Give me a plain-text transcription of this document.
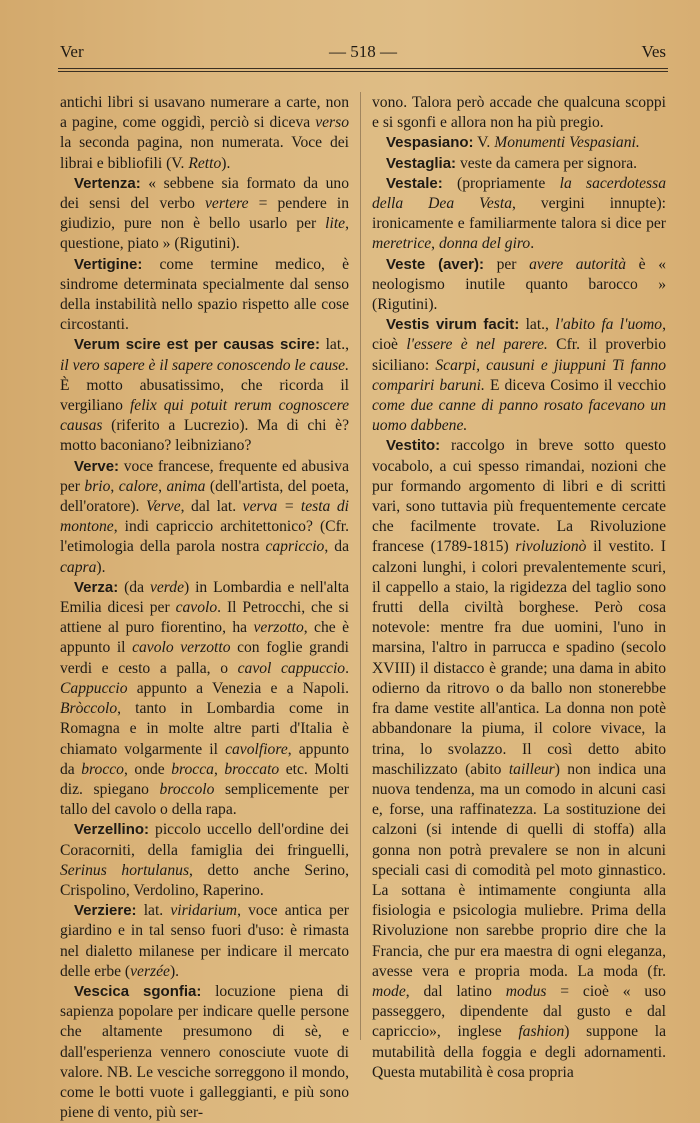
Ver	— 518 —	Ves

antichi libri si usavano numerare a carte, non a pagine, come oggidì, perciò si diceva verso la seconda pagina, non numerata. Voce dei librai e bibliofili (V. Retto).

Vertenza: « sebbene sia formato da uno dei sensi del verbo vertere = pendere in giudizio, pure non è bello usarlo per lite, questione, piato » (Rigutini).

Vertigine: come termine medico, è sindrome determinata specialmente dal senso della instabilità nello spazio rispetto alle cose circostanti.

Verum scire est per causas scire: lat., il vero sapere è il sapere conoscendo le cause. È motto abusatissimo, che ricorda il vergiliano felix qui potuit rerum cognoscere causas (riferito a Lucrezio). Ma di chi è? motto baconiano? leibniziano?

Verve: voce francese, frequente ed abusiva per brio, calore, anima (dell'artista, del poeta, dell'oratore). Verve, dal lat. verva = testa di montone, indi capriccio architettonico? (Cfr. l'etimologia della parola nostra capriccio, da capra).

Verza: (da verde) in Lombardia e nell'alta Emilia dicesi per cavolo. Il Petrocchi, che si attiene al puro fiorentino, ha verzotto, che è appunto il cavolo verzotto con foglie grandi verdi e cesto a palla, o cavol cappuccio. Cappuccio appunto a Venezia e a Napoli. Bròccolo, tanto in Lombardia come in Romagna e in molte altre parti d'Italia è chiamato volgarmente il cavolfiore, appunto da brocco, onde brocca, broccato etc. Molti diz. spiegano broccolo semplicemente per tallo del cavolo o della rapa.

Verzellino: piccolo uccello dell'ordine dei Coracorniti, della famiglia dei fringuelli, Serinus hortulanus, detto anche Serino, Crispolino, Verdolino, Raperino.

Verziere: lat. viridarium, voce antica per giardino e in tal senso fuori d'uso: è rimasta nel dialetto milanese per indicare il mercato delle erbe (verzée).

Vescica sgonfia: locuzione piena di sapienza popolare per indicare quelle persone che altamente presumono di sè, e dall'esperienza vennero conosciute vuote di valore. NB. Le vesciche sorreggono il mondo, come le botti vuote i galleggianti, e più sono piene di vento, più ser-

vono. Talora però accade che qualcuna scoppi e si sgonfi e allora non ha più pregio.

Vespasiano: V. Monumenti Vespasiani.

Vestaglia: veste da camera per signora.

Vestale: (propriamente la sacerdotessa della Dea Vesta, vergini innupte): ironicamente e familiarmente talora si dice per meretrice, donna del giro.

Veste (aver): per avere autorità è « neologismo inutile quanto barocco » (Rigutini).

Vestis virum facit: lat., l'abito fa l'uomo, cioè l'essere è nel parere. Cfr. il proverbio siciliano: Scarpi, causuni e jiuppuni Ti fanno compariri baruni. E diceva Cosimo il vecchio come due canne di panno rosato facevano un uomo dabbene.

Vestito: raccolgo in breve sotto questo vocabolo, a cui spesso rimandai, nozioni che pur formando argomento di libri e di scritti vari, sono tuttavia più frequentemente cercate che facilmente trovate. La Rivoluzione francese (1789-1815) rivoluzionò il vestito. I calzoni lunghi, i colori prevalentemente scuri, il cappello a staio, la rigidezza del taglio sono frutti della civiltà borghese. Però cosa notevole: mentre fra due uomini, l'uno in marsina, l'altro in parrucca e spadino (secolo XVIII) il distacco è grande; una dama in abito odierno da ritrovo o da ballo non stonerebbe fra dame vestite all'antica. La donna non potè abbandonare la piuma, il colore vivace, la trina, lo svolazzo. Il così detto abito maschilizzato (abito tailleur) non indica una nuova tendenza, ma un comodo in alcuni casi e, forse, una raffinatezza. La sostituzione dei calzoni (si intende di quelli di stoffa) alla gonna non potrà prevalere se non in alcuni speciali casi di comodità pel moto ginnastico. La sottana è intimamente congiunta alla fisiologia e psicologia muliebre. Prima della Rivoluzione non sarebbe proprio dire che la Francia, che pur era maestra di ogni eleganza, avesse vera e propria moda. La moda (fr. mode, dal latino modus = cioè « uso passeggero, dipendente dal gusto e dal capriccio», inglese fashion) suppone la mutabilità della foggia e degli adornamenti. Questa mutabilità è cosa propria
